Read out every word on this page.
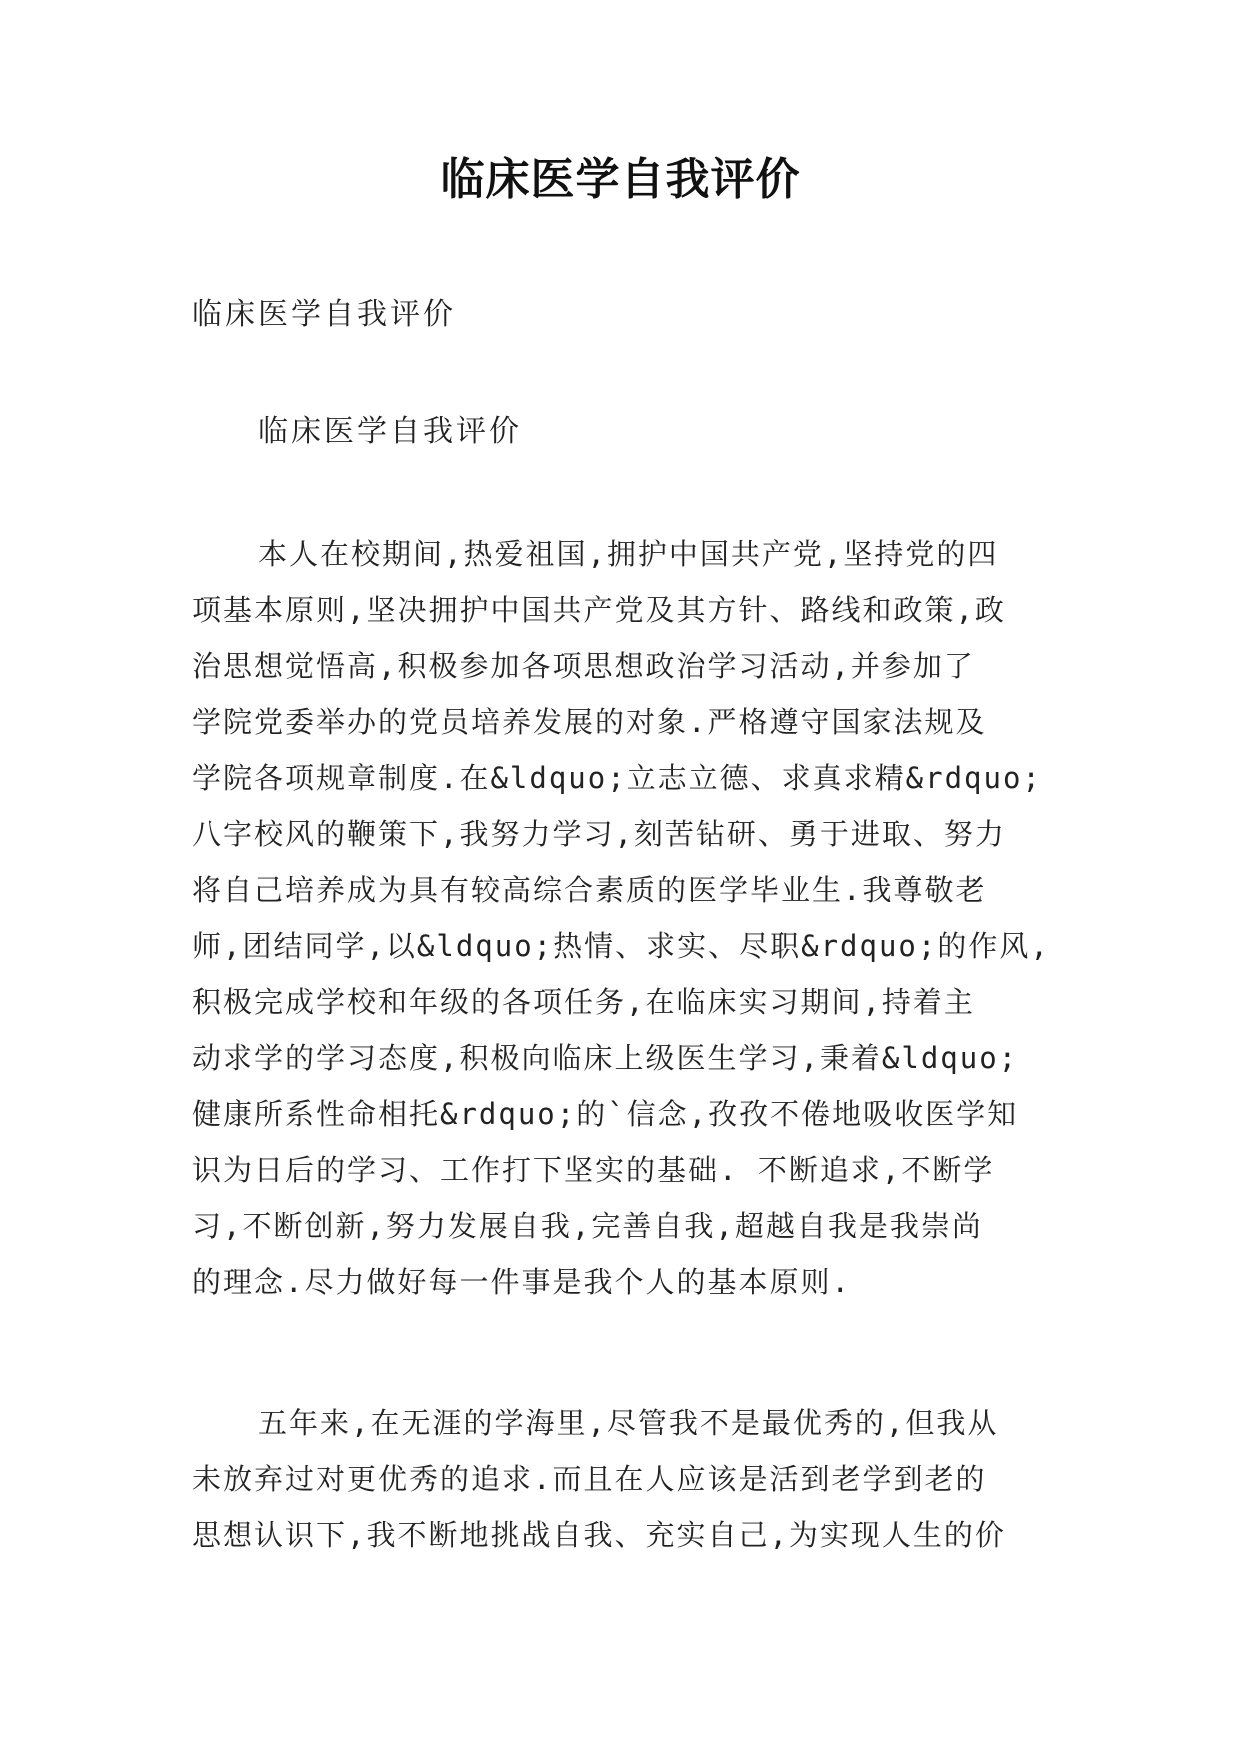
临床医学自我评价
临床医学自我评价
临床医学自我评价
本人在校期间,热爱祖国,拥护中国共产党,坚持党的四
项基本原则,坚决拥护中国共产党及其方针、路线和政策,政
治思想觉悟高,积极参加各项思想政治学习活动,并参加了
学院党委举办的党员培养发展的对象.严格遵守国家法规及
学院各项规章制度.在&ldquo;立志立德、求真求精&rdquo;
八字校风的鞭策下,我努力学习,刻苦钻研、勇于进取、努力
将自己培养成为具有较高综合素质的医学毕业生.我尊敬老
师,团结同学,以&ldquo;热情、求实、尽职&rdquo;的作风,
积极完成学校和年级的各项任务,在临床实习期间,持着主
动求学的学习态度,积极向临床上级医生学习,秉着&ldquo;
健康所系性命相托&rdquo;的`信念,孜孜不倦地吸收医学知
识为日后的学习、工作打下坚实的基础. 不断追求,不断学
习,不断创新,努力发展自我,完善自我,超越自我是我崇尚
的理念.尽力做好每一件事是我个人的基本原则.
五年来,在无涯的学海里,尽管我不是最优秀的,但我从
未放弃过对更优秀的追求.而且在人应该是活到老学到老的
思想认识下,我不断地挑战自我、充实自己,为实现人生的价
